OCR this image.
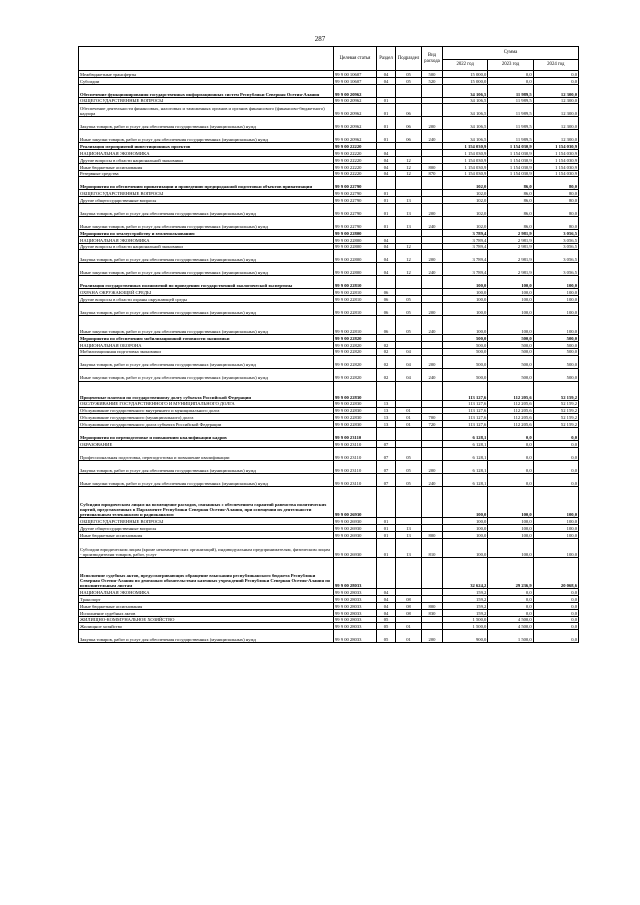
287
	Целевая статья	Раздел	Подраздел	Вид расхода	Сумма		
					2022 год	2023 год	2024 год
Межбюджетные трансферты	99 9 00 10607	04	05	500	15 000,0	0,0	0,0
Субсидии	99 9 00 10607	04	05	520	15 000,0	0,0	0,0
Обеспечение функционирования государственных информационных систем Республики Северная Осетия-Алания	99 9 00 20962				34 106,5	11 989,5	12 300,0
ОБЩЕГОСУДАРСТВЕННЫЕ ВОПРОСЫ	99 9 00 20962	01			34 106,5	11 989,5	12 300,0
Обеспечение деятельности финансовых, налоговых и таможенных органов и органов финансового (финансово-бюджетного) надзора	99 9 00 20962	01	06		34 106,5	11 989,5	12 300,0
Закупка товаров, работ и услуг для обеспечения государственных (муниципальных) нужд	99 9 00 20962	01	06	200	34 106,5	11 989,5	12 300,0
Иные закупки товаров, работ и услуг для обеспечения государственных (муниципальных) нужд	99 9 00 20962	01	06	240	34 106,5	11 989,5	12 300,0
Реализация мероприятий инвестиционных проектов	99 9 00 22220				1 154 030,9	1 154 030,9	1 154 030,9
НАЦИОНАЛЬНАЯ ЭКОНОМИКА	99 9 00 22220	04			1 154 030,9	1 154 030,9	1 154 030,9
Другие вопросы в области национальной экономики	99 9 00 22220	04	12		1 154 030,9	1 154 030,9	1 154 030,9
Иные бюджетные ассигнования	99 9 00 22220	04	12	800	1 154 030,9	1 154 030,9	1 154 030,9
Резервные средства	99 9 00 22220	04	12	870	1 154 030,9	1 154 030,9	1 154 030,9
Мероприятия по обеспечению приватизации и проведению предпродажной подготовки объектов приватизации	99 9 00 22790				102,0	86,0	80,0
ОБЩЕГОСУДАРСТВЕННЫЕ ВОПРОСЫ	99 9 00 22790	01			102,0	86,0	80,0
Другие общегосударственные вопросы	99 9 00 22790	01	13		102,0	86,0	80,0
Закупка товаров, работ и услуг для обеспечения государственных (муниципальных) нужд	99 9 00 22790	01	13	200	102,0	86,0	80,0
Иные закупки товаров, работ и услуг для обеспечения государственных (муниципальных) нужд	99 9 00 22790	01	13	240	102,0	86,0	80,0
Мероприятия по землеустройству и землепользованию	99 9 00 22800				3 789,4	2 981,9	3 056,5
НАЦИОНАЛЬНАЯ ЭКОНОМИКА	99 9 00 22800	04			3 789,4	2 981,9	3 056,5
Другие вопросы в области национальной экономики	99 9 00 22800	04	12		3 789,4	2 981,9	3 056,5
Закупка товаров, работ и услуг для обеспечения государственных (муниципальных) нужд	99 9 00 22800	04	12	200	3 789,4	2 981,9	3 056,5
Иные закупки товаров, работ и услуг для обеспечения государственных (муниципальных) нужд	99 9 00 22800	04	12	240	3 789,4	2 981,9	3 056,5
Реализация государственных полномочий по проведению государственной экологической экспертизы	99 9 00 22810				100,0	100,0	100,0
ОХРАНА ОКРУЖАЮЩЕЙ СРЕДЫ	99 9 00 22810	06			100,0	100,0	100,0
Другие вопросы в области охраны окружающей среды	99 9 00 22810	06	05		100,0	100,0	100,0
Закупка товаров, работ и услуг для обеспечения государственных (муниципальных) нужд	99 9 00 22810	06	05	200	100,0	100,0	100,0
Иные закупки товаров, работ и услуг для обеспечения государственных (муниципальных) нужд	99 9 00 22810	06	05	240	100,0	100,0	100,0
Мероприятия по обеспечению мобилизационной готовности экономики	99 9 00 22820				500,0	500,0	500,0
НАЦИОНАЛЬНАЯ ОБОРОНА	99 9 00 22820	02			500,0	500,0	500,0
Мобилизационная подготовка экономики	99 9 00 22820	02	04		500,0	500,0	500,0
Закупка товаров, работ и услуг для обеспечения государственных (муниципальных) нужд	99 9 00 22820	02	04	200	500,0	500,0	500,0
Иные закупки товаров, работ и услуг для обеспечения государственных (муниципальных) нужд	99 9 00 22820	02	04	240	500,0	500,0	500,0
Процентные платежи по государственному долгу субъекта Российской Федерации	99 9 00 22830				113 127,6	112 205,6	52 159,2
ОБСЛУЖИВАНИЕ ГОСУДАРСТВЕННОГО И МУНИЦИПАЛЬНОГО ДОЛГА	99 9 00 22830	13			113 127,6	112 205,6	52 159,2
Обслуживание государственного внутреннего и муниципального долга	99 9 00 22830	13	01		113 127,6	112 205,6	52 159,2
Обслуживание государственного (муниципального) долга	99 9 00 22830	13	01	700	113 127,6	112 205,6	52 159,2
Обслуживание государственного долга субъекта Российской Федерации	99 9 00 22830	13	01	720	113 127,6	112 205,6	52 159,2
Мероприятия по переподготовке и повышению квалификации кадров	99 9 00 23110				6 128,1	0,0	0,0
ОБРАЗОВАНИЕ	99 9 00 23110	07			6 128,1	0,0	0,0
Профессиональная подготовка, переподготовка и повышение квалификации	99 9 00 23110	07	05		6 128,1	0,0	0,0
Закупка товаров, работ и услуг для обеспечения государственных (муниципальных) нужд	99 9 00 23110	07	05	200	6 128,1	0,0	0,0
Иные закупки товаров, работ и услуг для обеспечения государственных (муниципальных) нужд	99 9 00 23110	07	05	240	6 128,1	0,0	0,0
Субсидии юридическим лицам на возмещение расходов, связанных с обеспечением гарантий равенства политических партий, представленных в Парламенте Республики Северная Осетия-Алания, при освещении их деятельности региональным телеканалом и радиоканалом	99 9 00 26930				100,0	100,0	100,0
ОБЩЕГОСУДАРСТВЕННЫЕ ВОПРОСЫ	99 9 00 26930	01			100,0	100,0	100,0
Другие общегосударственные вопросы	99 9 00 26930	01	13		100,0	100,0	100,0
Иные бюджетные ассигнования	99 9 00 26930	01	13	800	100,0	100,0	100,0
Субсидии юридическим лицам (кроме некоммерческих организаций), индивидуальным предпринимателям, физическим лицам - производителям товаров, работ, услуг	99 9 00 26930	01	13	810	100,0	100,0	100,0
Исполнение судебных актов, предусматривающих обращение взыскания республиканского бюджета Республики Северная Осетия-Алания по денежным обязательствам казенных учреждений Республики Северная Осетия-Алания по исполнительным листам	99 9 00 28033				32 624,2	29 236,9	20 068,6
НАЦИОНАЛЬНАЯ ЭКОНОМИКА	99 9 00 28033	04			159,2	0,0	0,0
Транспорт	99 9 00 28033	04	08		159,2	0,0	0,0
Иные бюджетные ассигнования	99 9 00 28033	04	08	800	159,2	0,0	0,0
Исполнение судебных актов	99 9 00 28033	04	08	830	159,2	0,0	0,0
ЖИЛИЩНО-КОММУНАЛЬНОЕ ХОЗЯЙСТВО	99 9 00 28033	05			1 500,0	4 500,0	0,0
Жилищное хозяйство	99 9 00 28033	05	01		1 500,0	4 500,0	0,0
Закупка товаров, работ и услуг для обеспечения государственных (муниципальных) нужд	99 9 00 28033	05	01	200	900,0	1 500,0	0,0
